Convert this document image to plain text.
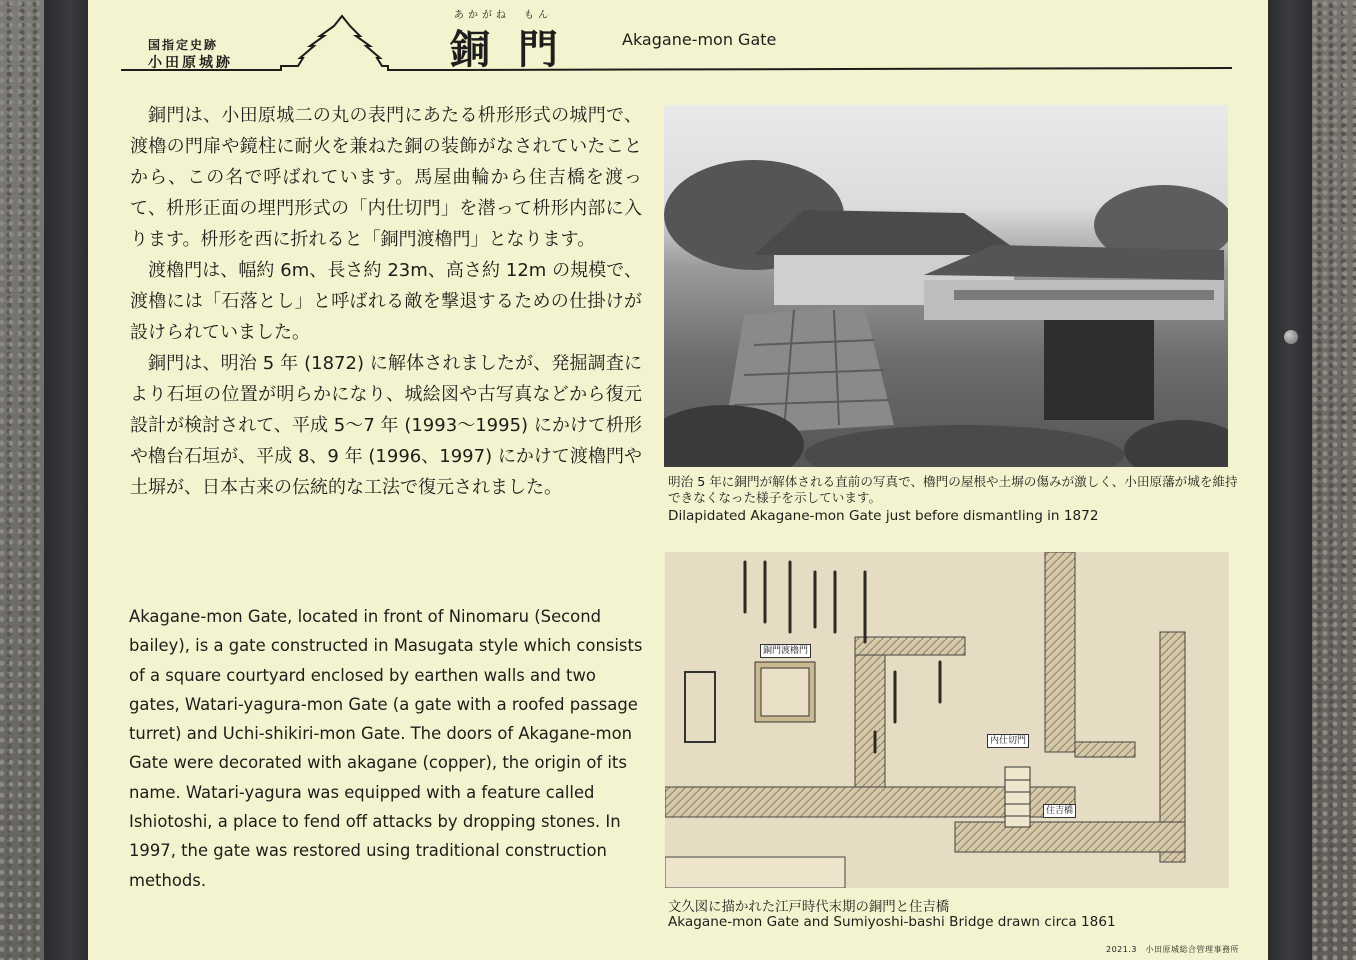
国指定史跡
小田原城跡
あかがね　もん
銅門 Akagane-mon Gate

銅門は、小田原城二の丸の表門にあたる枡形形式の城門で、渡櫓の門扉や鏡柱に耐火を兼ねた銅の装飾がなされていたことから、この名で呼ばれています。馬屋曲輪から住吉橋を渡って、枡形正面の埋門形式の「内仕切門」を潜って枡形内部に入ります。枡形を西に折れると「銅門渡櫓門」となります。

渡櫓門は、幅約 6m、長さ約 23m、高さ約 12m の規模で、渡櫓には「石落とし」と呼ばれる敵を撃退するための仕掛けが設けられていました。

銅門は、明治 5 年 (1872) に解体されましたが、発掘調査により石垣の位置が明らかになり、城絵図や古写真などから復元設計が検討されて、平成 5～7 年 (1993～1995) にかけて枡形や櫓台石垣が、平成 8、9 年 (1996、1997) にかけて渡櫓門や土塀が、日本古来の伝統的な工法で復元されました。

Akagane-mon Gate, located in front of Ninomaru (Second bailey), is a gate constructed in Masugata style which consists of a square courtyard enclosed by earthen walls and two gates, Watari-yagura-mon Gate (a gate with a roofed passage turret) and Uchi-shikiri-mon Gate. The doors of Akagane-mon Gate were decorated with akagane (copper), the origin of its name. Watari-yagura was equipped with a feature called Ishiotoshi, a place to fend off attacks by dropping stones. In 1997, the gate was restored using traditional construction methods.

明治 5 年に銅門が解体される直前の写真で、櫓門の屋根や土塀の傷みが激しく、小田原藩が城を維持できなくなった様子を示しています。
Dilapidated Akagane-mon Gate just before dismantling in 1872
銅門渡櫓門
内仕切門
住吉橋
文久図に描かれた江戸時代末期の銅門と住吉橋
Akagane-mon Gate and Sumiyoshi-bashi Bridge drawn circa 1861
2021.3　小田原城総合管理事務所
